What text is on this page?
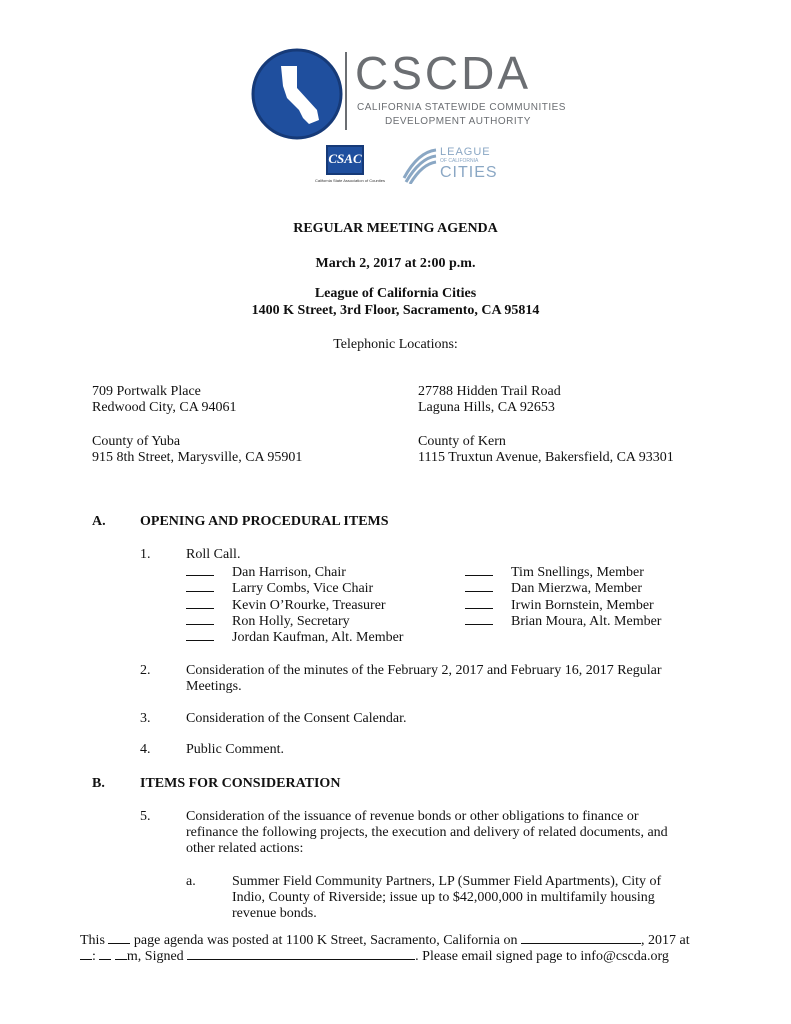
CSCDA
CALIFORNIA STATEWIDE COMMUNITIES
DEVELOPMENT AUTHORITY
CSAC
California State Association of Counties
LEAGUE
OF CALIFORNIA
CITIES
REGULAR MEETING AGENDA
March 2, 2017 at 2:00 p.m.
League of California Cities
1400 K Street, 3rd Floor, Sacramento, CA 95814
Telephonic Locations:
709 Portwalk Place
Redwood City, CA 94061
27788 Hidden Trail Road
Laguna Hills, CA 92653
County of Yuba
915 8th Street, Marysville, CA 95901
County of Kern
1115 Truxtun Avenue, Bakersfield, CA 93301
A. OPENING AND PROCEDURAL ITEMS
1.	Roll Call.
Dan Harrison, Chair
Larry Combs, Vice Chair
Kevin O’Rourke, Treasurer
Ron Holly, Secretary
Jordan Kaufman, Alt. Member
Tim Snellings, Member
Dan Mierzwa, Member
Irwin Bornstein, Member
Brian Moura, Alt. Member
2.	Consideration of the minutes of the February 2, 2017 and February 16, 2017 Regular
Meetings.
3.	Consideration of the Consent Calendar.
4.	Public Comment.
B.	ITEMS FOR CONSIDERATION
5.	Consideration of the issuance of revenue bonds or other obligations to finance or
refinance the following projects, the execution and delivery of related documents, and
other related actions:
a.	Summer Field Community Partners, LP (Summer Field Apartments), City of
Indio, County of Riverside; issue up to $42,000,000 in multifamily housing
revenue bonds.
This page agenda was posted at 1100 K Street, Sacramento, California on	, 2017 at
: m, Signed	. Please email signed page to info@cscda.org
